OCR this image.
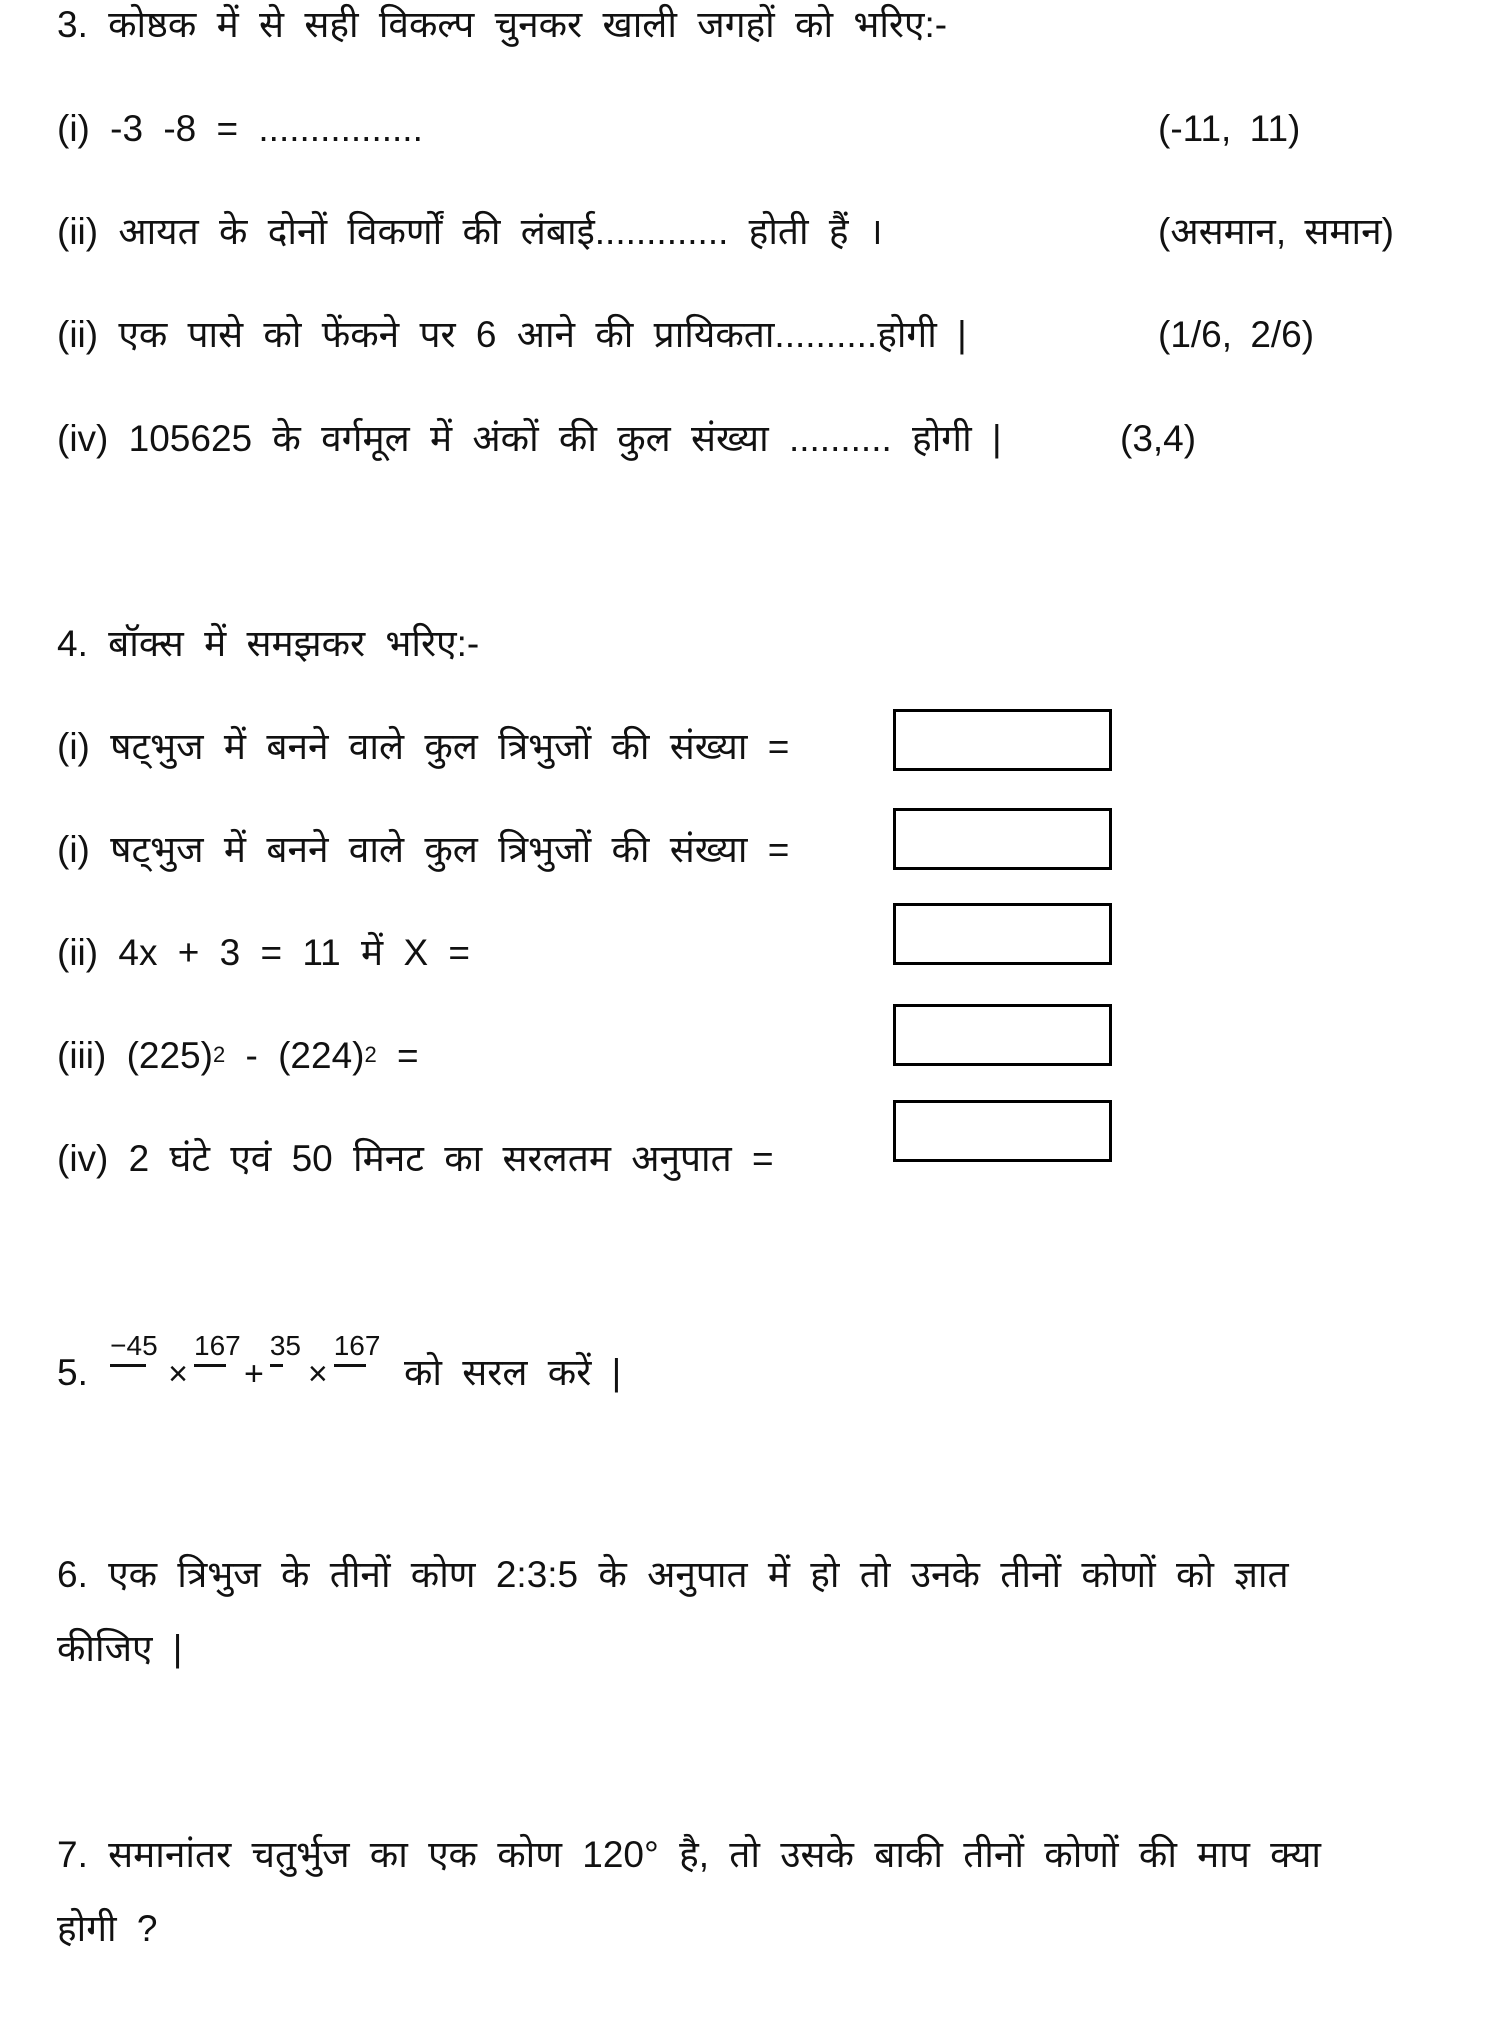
3. कोष्ठक में से सही विकल्प चुनकर खाली जगहों को भरिए:-
(i) -3 -8 = ................	(-11, 11)
(ii) आयत के दोनों विकर्णों की लंबाई............. होती हैं ।	(असमान, समान)
(ii) एक पासे को फेंकने पर 6 आने की प्रायिकता..........होगी |	(1/6, 2/6)
(iv) 105625 के वर्गमूल में अंकों की कुल संख्या .......... होगी |	(3,4)
4. बॉक्स में समझकर भरिए:-
(i) षट्भुज में बनने वाले कुल त्रिभुजों की संख्या =
(i) षट्भुज में बनने वाले कुल त्रिभुजों की संख्या =
(ii) 4x + 3 = 11 में X =
(iii) $(225)^2 - (224)^2$ =
(iv) 2 घंटे एवं 50 मिनट का सरलतम अनुपात =
5.
−45
×
167
+
35
×
167
को सरल करें |
6. एक त्रिभुज के तीनों कोण 2:3:5 के अनुपात में हो तो उनके तीनों कोणों को ज्ञात
कीजिए |
7. समानांतर चतुर्भुज का एक कोण 120° है, तो उसके बाकी तीनों कोणों की माप क्या
होगी ?
